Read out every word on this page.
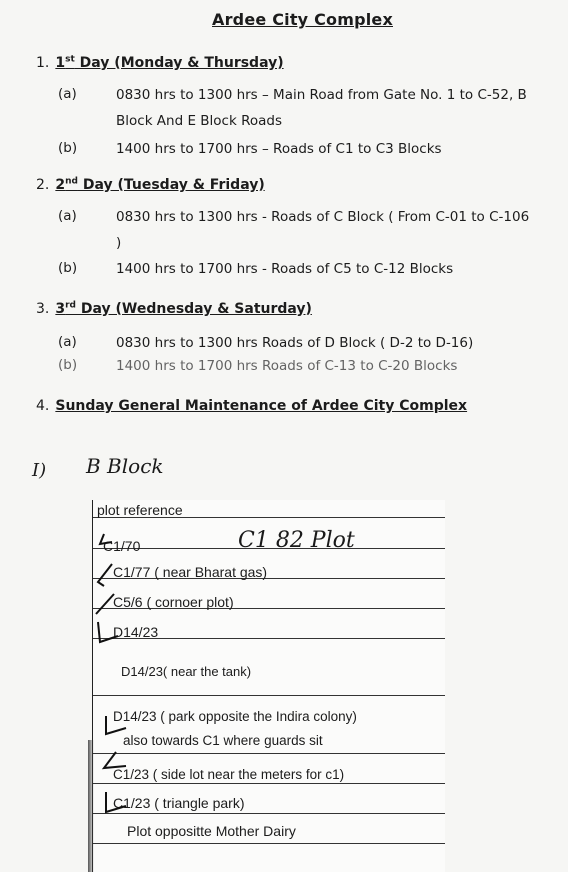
Ardee City Complex
1. 1st Day (Monday & Thursday)
(a)	0830 hrs to 1300 hrs – Main Road from Gate No. 1 to C-52, B Block And E Block Roads
(b)	1400 hrs to 1700 hrs – Roads of C1 to C3 Blocks
2. 2nd Day (Tuesday & Friday)
(a)	0830 hrs to 1300 hrs - Roads of C Block ( From C-01 to C-106 )
(b)	1400 hrs to 1700 hrs - Roads of C5 to C-12 Blocks
3. 3rd Day (Wednesday & Saturday)
(a)	0830 hrs to 1300 hrs Roads of D Block ( D-2 to D-16)
(b)	1400 hrs to 1700 hrs Roads of C-13 to C-20 Blocks
4. Sunday General Maintenance of Ardee City Complex
I) B Block
plot reference
C1/70
C1/77 ( near Bharat gas)
C5/6 ( cornoer plot)
D14/23
D14/23( near the tank)
D14/23 ( park opposite the Indira colony)
also towards C1 where guards sit
C1/23 ( side lot near the meters for c1)
C1/23 ( triangle park)
Plot oppositte Mother Dairy
C1 82 Plot
